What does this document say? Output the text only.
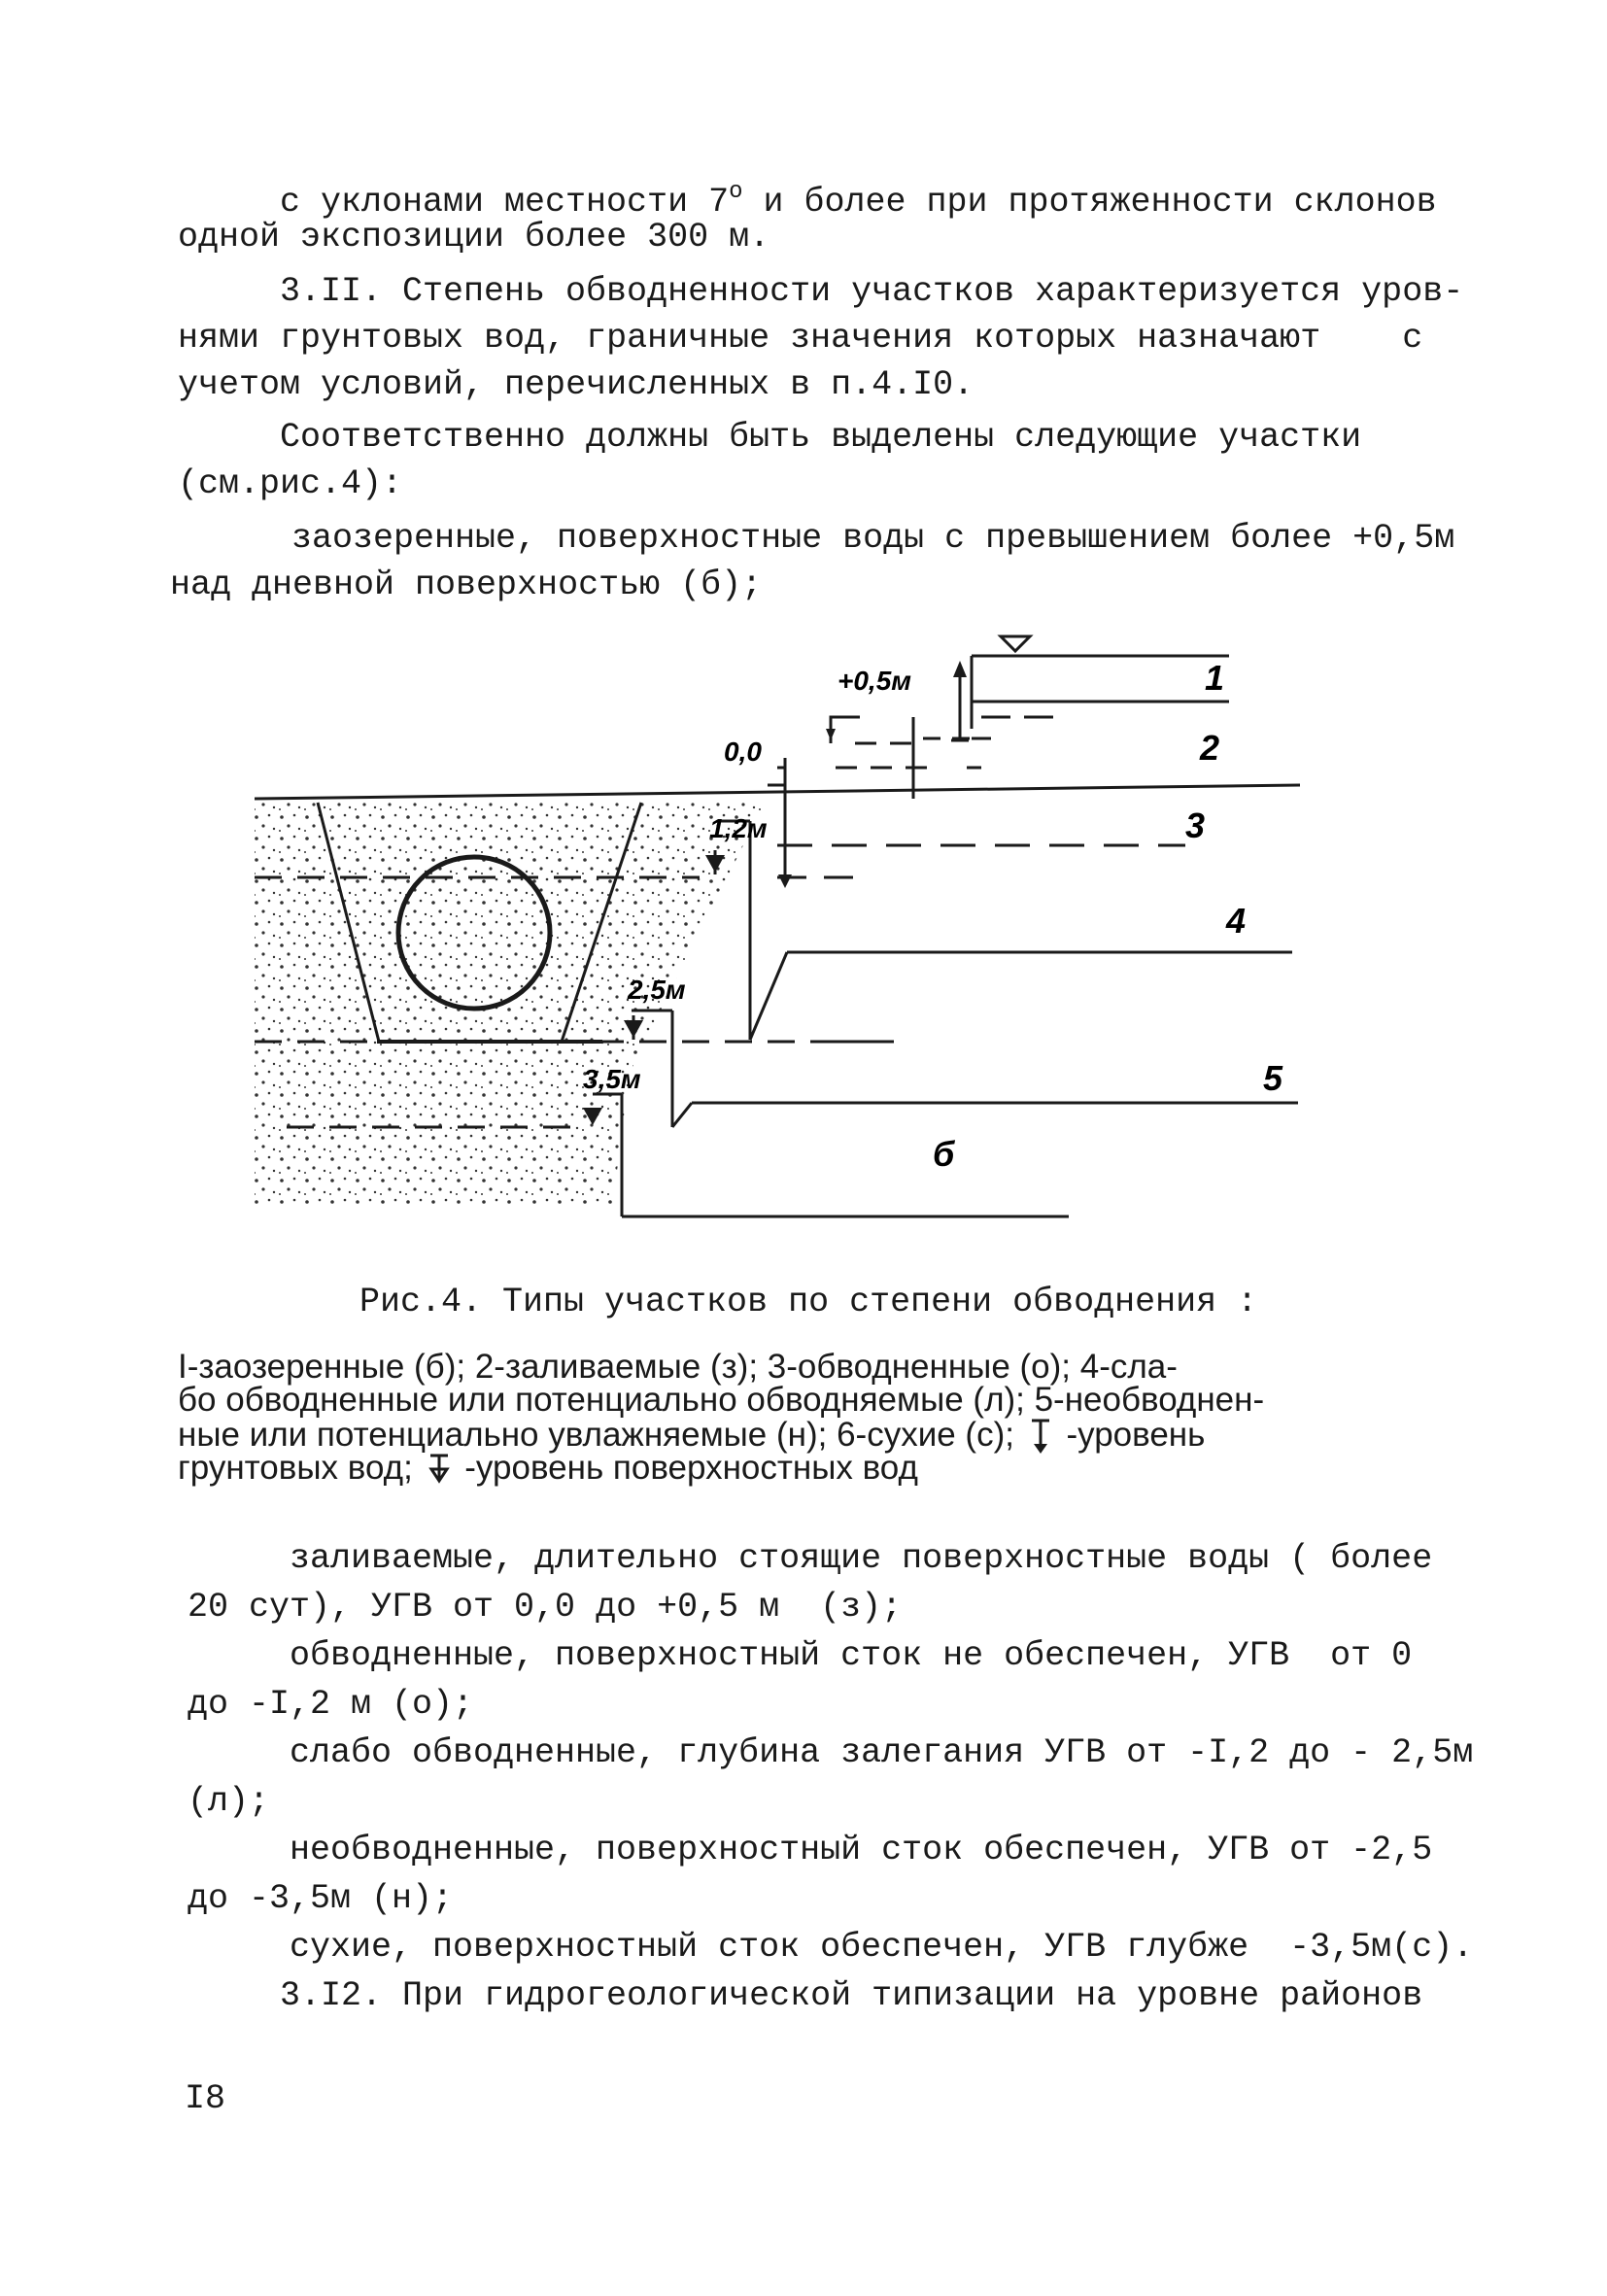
с уклонами местности $7^о$ и более при протяженности склонов
одной экспозиции более 300 м.
3.II. Степень обводненности участков характеризуется уров-
нями грунтовых вод, граничные значения которых назначают    с
учетом условий, перечисленных в п.4.I0.
Соответственно должны быть выделены следующие участки
(см.рис.4):
заозеренные, поверхностные воды с превышением более +0,5м
над дневной поверхностью (б);
+0,5м
0,0
1,2м
2,5м
3,5м
1
2
3
4
5
б
Рис.4. Типы участков по степени обводнения :
I-заозеренные (б); 2-заливаемые (з); 3-обводненные (о); 4-сла-
бо обводненные или потенциально обводняемые (л); 5-необводнен-
ные или потенциально увлажняемые (н); 6-сухие (с); -уровень
грунтовых вод; -уровень поверхностных вод
заливаемые, длительно стоящие поверхностные воды ( более
20 сут), УГВ от 0,0 до +0,5 м  (з);
обводненные, поверхностный сток не обеспечен, УГВ  от 0
до -I,2 м (о);
слабо обводненные, глубина залегания УГВ от -I,2 до - 2,5м
(л);
необводненные, поверхностный сток обеспечен, УГВ от -2,5
до -3,5м (н);
сухие, поверхностный сток обеспечен, УГВ глубже  -3,5м(с).
3.I2. При гидрогеологической типизации на уровне районов
I8
